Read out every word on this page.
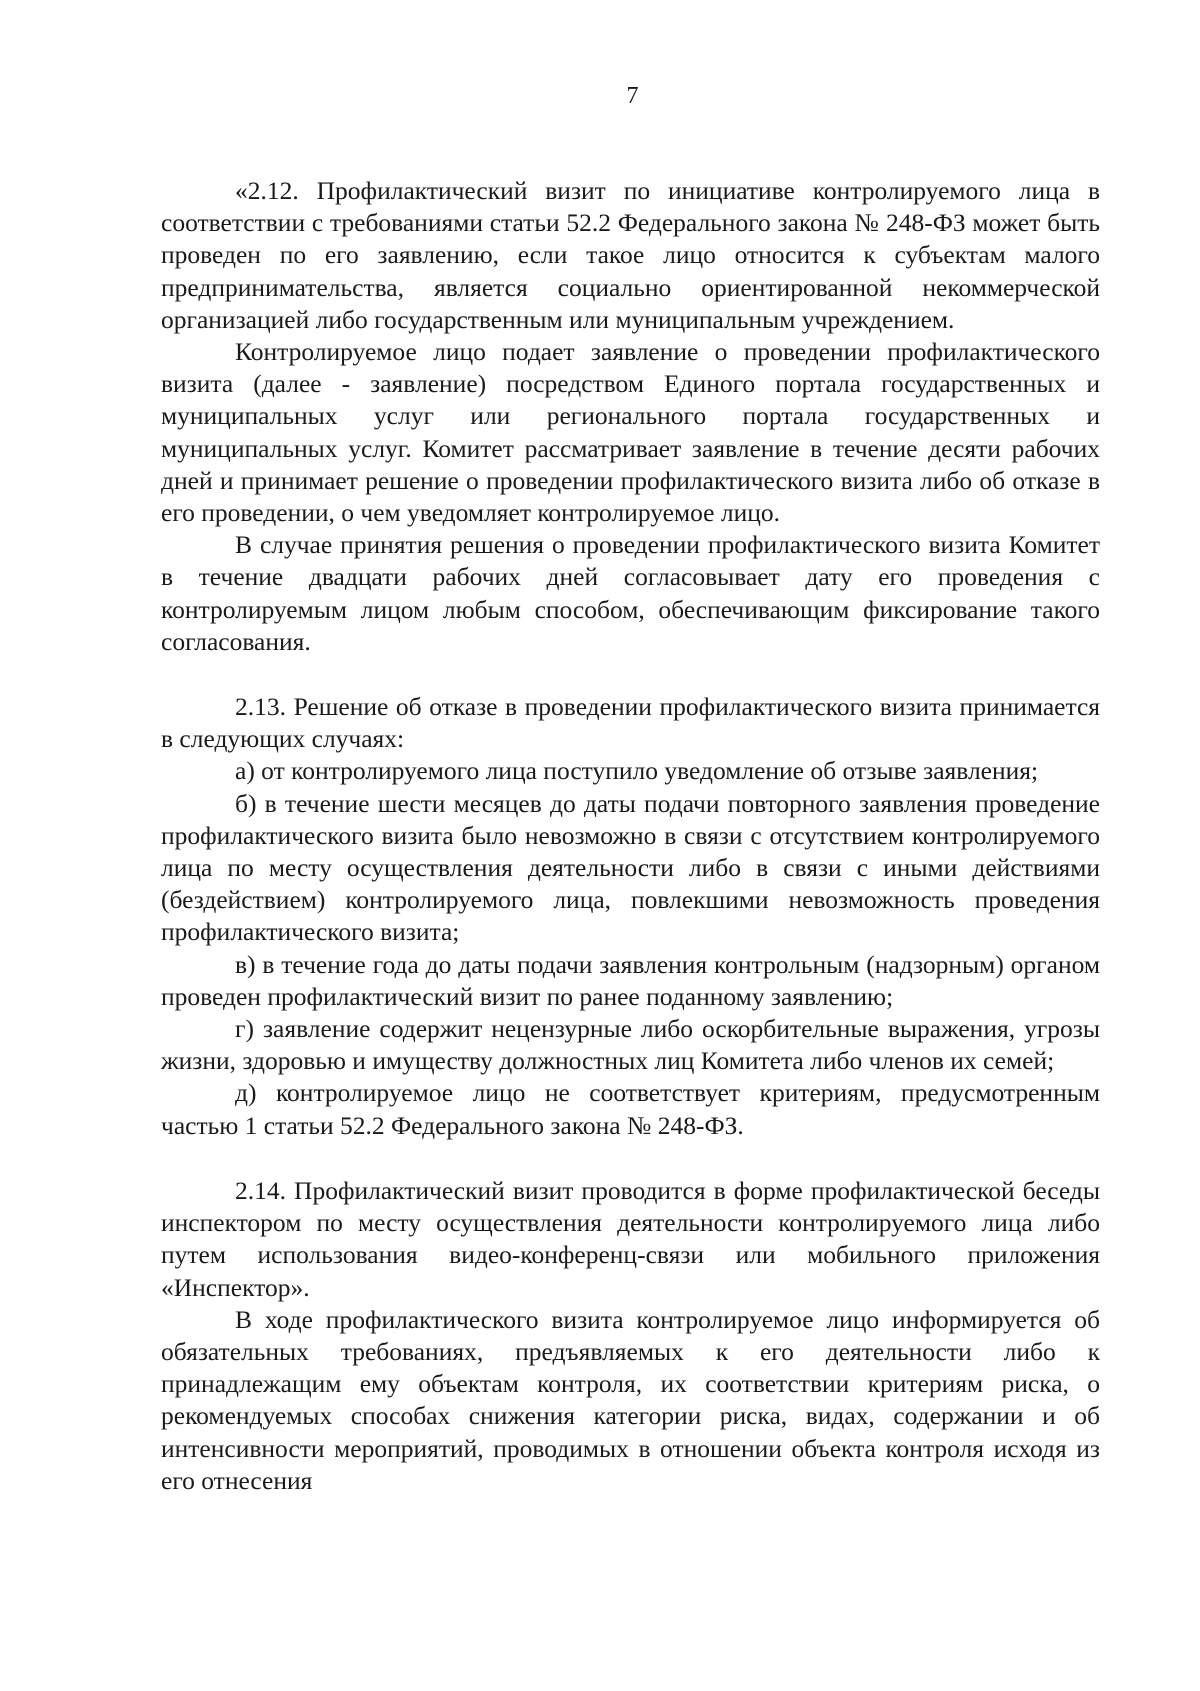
7

«2.12. Профилактический визит по инициативе контролируемого лица в соответствии с требованиями статьи 52.2 Федерального закона № 248-ФЗ может быть проведен по его заявлению, если такое лицо относится к субъектам малого предпринимательства, является социально ориентированной некоммерческой организацией либо государственным или муниципальным учреждением.

Контролируемое лицо подает заявление о проведении профилактического визита (далее - заявление) посредством Единого портала государственных и муниципальных услуг или регионального портала государственных и муниципальных услуг. Комитет рассматривает заявление в течение десяти рабочих дней и принимает решение о проведении профилактического визита либо об отказе в его проведении, о чем уведомляет контролируемое лицо.

В случае принятия решения о проведении профилактического визита Комитет в течение двадцати рабочих дней согласовывает дату его проведения с контролируемым лицом любым способом, обеспечивающим фиксирование такого согласования.

2.13. Решение об отказе в проведении профилактического визита принимается в следующих случаях:

а) от контролируемого лица поступило уведомление об отзыве заявления;

б) в течение шести месяцев до даты подачи повторного заявления проведение профилактического визита было невозможно в связи с отсутствием контролируемого лица по месту осуществления деятельности либо в связи с иными действиями (бездействием) контролируемого лица, повлекшими невозможность проведения профилактического визита;

в) в течение года до даты подачи заявления контрольным (надзорным) органом проведен профилактический визит по ранее поданному заявлению;

г) заявление содержит нецензурные либо оскорбительные выражения, угрозы жизни, здоровью и имуществу должностных лиц Комитета либо членов их семей;

д) контролируемое лицо не соответствует критериям, предусмотренным частью 1 статьи 52.2 Федерального закона № 248-ФЗ.

2.14. Профилактический визит проводится в форме профилактической беседы инспектором по месту осуществления деятельности контролируемого лица либо путем использования видео-конференц-связи или мобильного приложения «Инспектор».

В ходе профилактического визита контролируемое лицо информируется об обязательных требованиях, предъявляемых к его деятельности либо к принадлежащим ему объектам контроля, их соответствии критериям риска, о рекомендуемых способах снижения категории риска, видах, содержании и об интенсивности мероприятий, проводимых в отношении объекта контроля исходя из его отнесения
